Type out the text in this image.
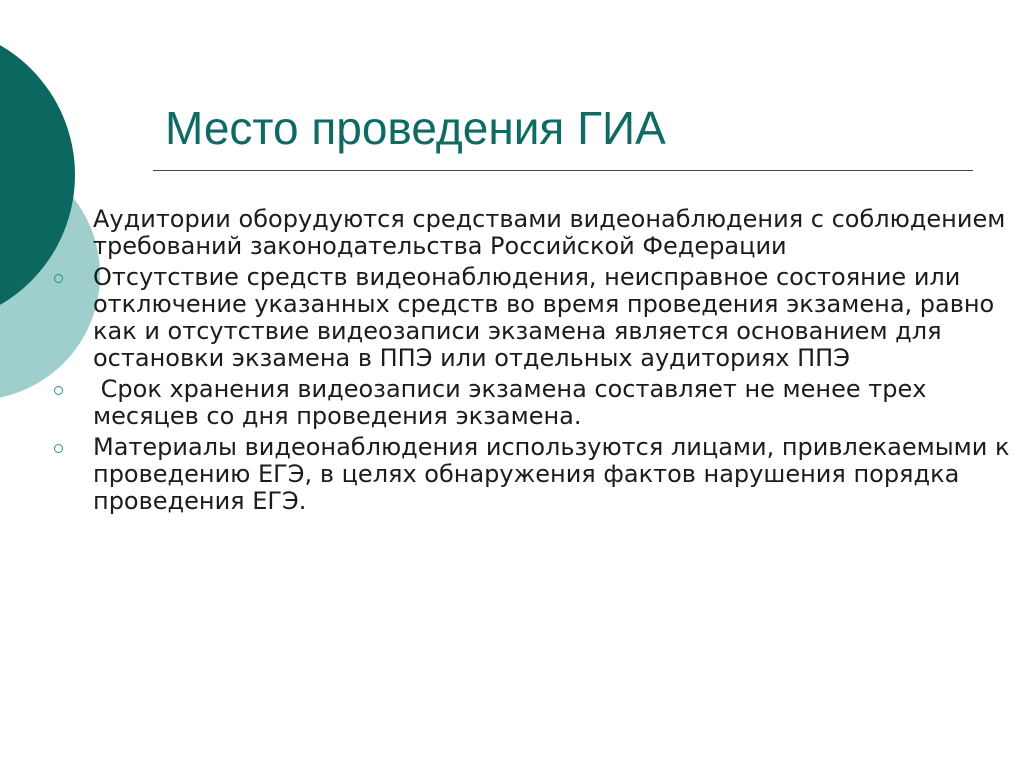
Место проведения ГИА
Аудитории оборудуются средствами видеонаблюдения с соблюдением требований законодательства Российской Федерации
Отсутствие средств видеонаблюдения, неисправное состояние или отключение указанных средств во время проведения экзамена, равно как и отсутствие видеозаписи экзамена является основанием для остановки экзамена в ППЭ или отдельных аудиториях ППЭ
Срок хранения видеозаписи экзамена составляет не менее трех месяцев со дня проведения экзамена.
Материалы видеонаблюдения используются лицами, привлекаемыми к проведению ЕГЭ, в целях обнаружения фактов нарушения порядка проведения ЕГЭ.
